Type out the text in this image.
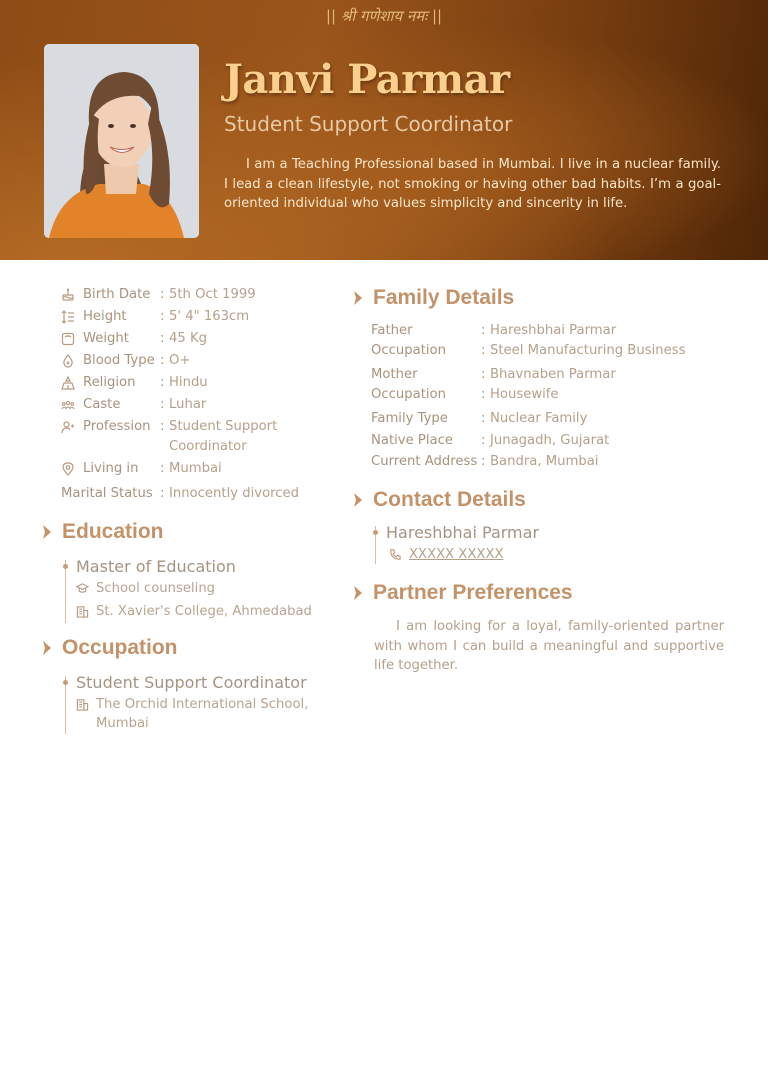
|| श्री गणेशाय नमः ||
Janvi Parmar
Student Support Coordinator
I am a Teaching Professional based in Mumbai. I live in a nuclear family. I lead a clean lifestyle, not smoking or having other bad habits. I’m a goal-oriented individual who values simplicity and sincerity in life.
Birth Date : 5th Oct 1999
Height	: 5' 4" 163cm
Weight	: 45 Kg
Blood Type : O+
Religion	: Hindu
Caste	: Luhar
Profession : Student Support Coordinator
Living in	: Mumbai
Marital Status : Innocently divorced
Education
Master of Education
School counseling
St. Xavier's College, Ahmedabad
Occupation
Student Support Coordinator
The Orchid International School, Mumbai
Family Details
Father	: Hareshbhai Parmar
Occupation	: Steel Manufacturing Business
Mother	: Bhavnaben Parmar
Occupation	: Housewife
Family Type	: Nuclear Family
Native Place	: Junagadh, Gujarat
Current Address : Bandra, Mumbai
Contact Details
Hareshbhai Parmar
XXXXX XXXXX
Partner Preferences
I am looking for a loyal, family-oriented partner with whom I can build a meaningful and supportive life together.
